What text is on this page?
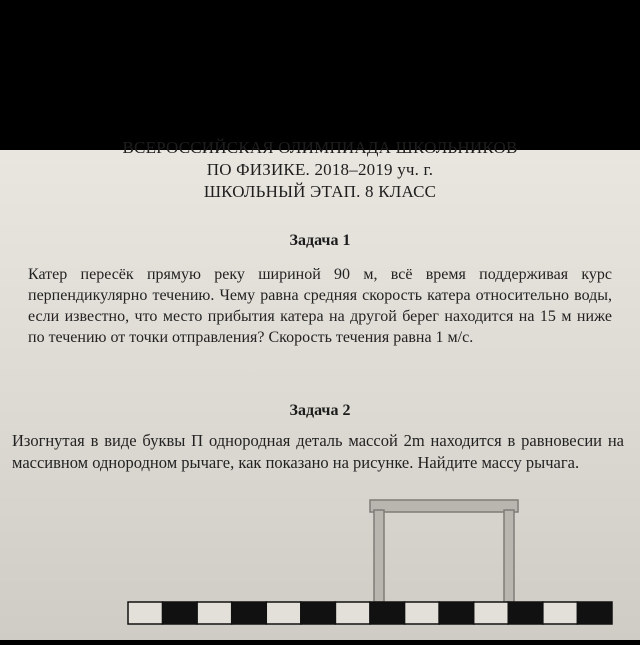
ВСЕРОССИЙСКАЯ ОЛИМПИАДА ШКОЛЬНИКОВ
ПО ФИЗИКЕ. 2018–2019 уч. г.
ШКОЛЬНЫЙ ЭТАП. 8 КЛАСС
Задача 1
Катер пересёк прямую реку шириной 90 м, всё время поддерживая курс перпендикулярно течению. Чему равна средняя скорость катера относительно воды, если известно, что место прибытия катера на другой берег находится на 15 м ниже по течению от точки отправления? Скорость течения равна 1 м/с.
Задача 2
Изогнутая в виде буквы П однородная деталь массой 2m находится в равновесии на массивном однородном рычаге, как показано на рисунке. Найдите массу рычага.
